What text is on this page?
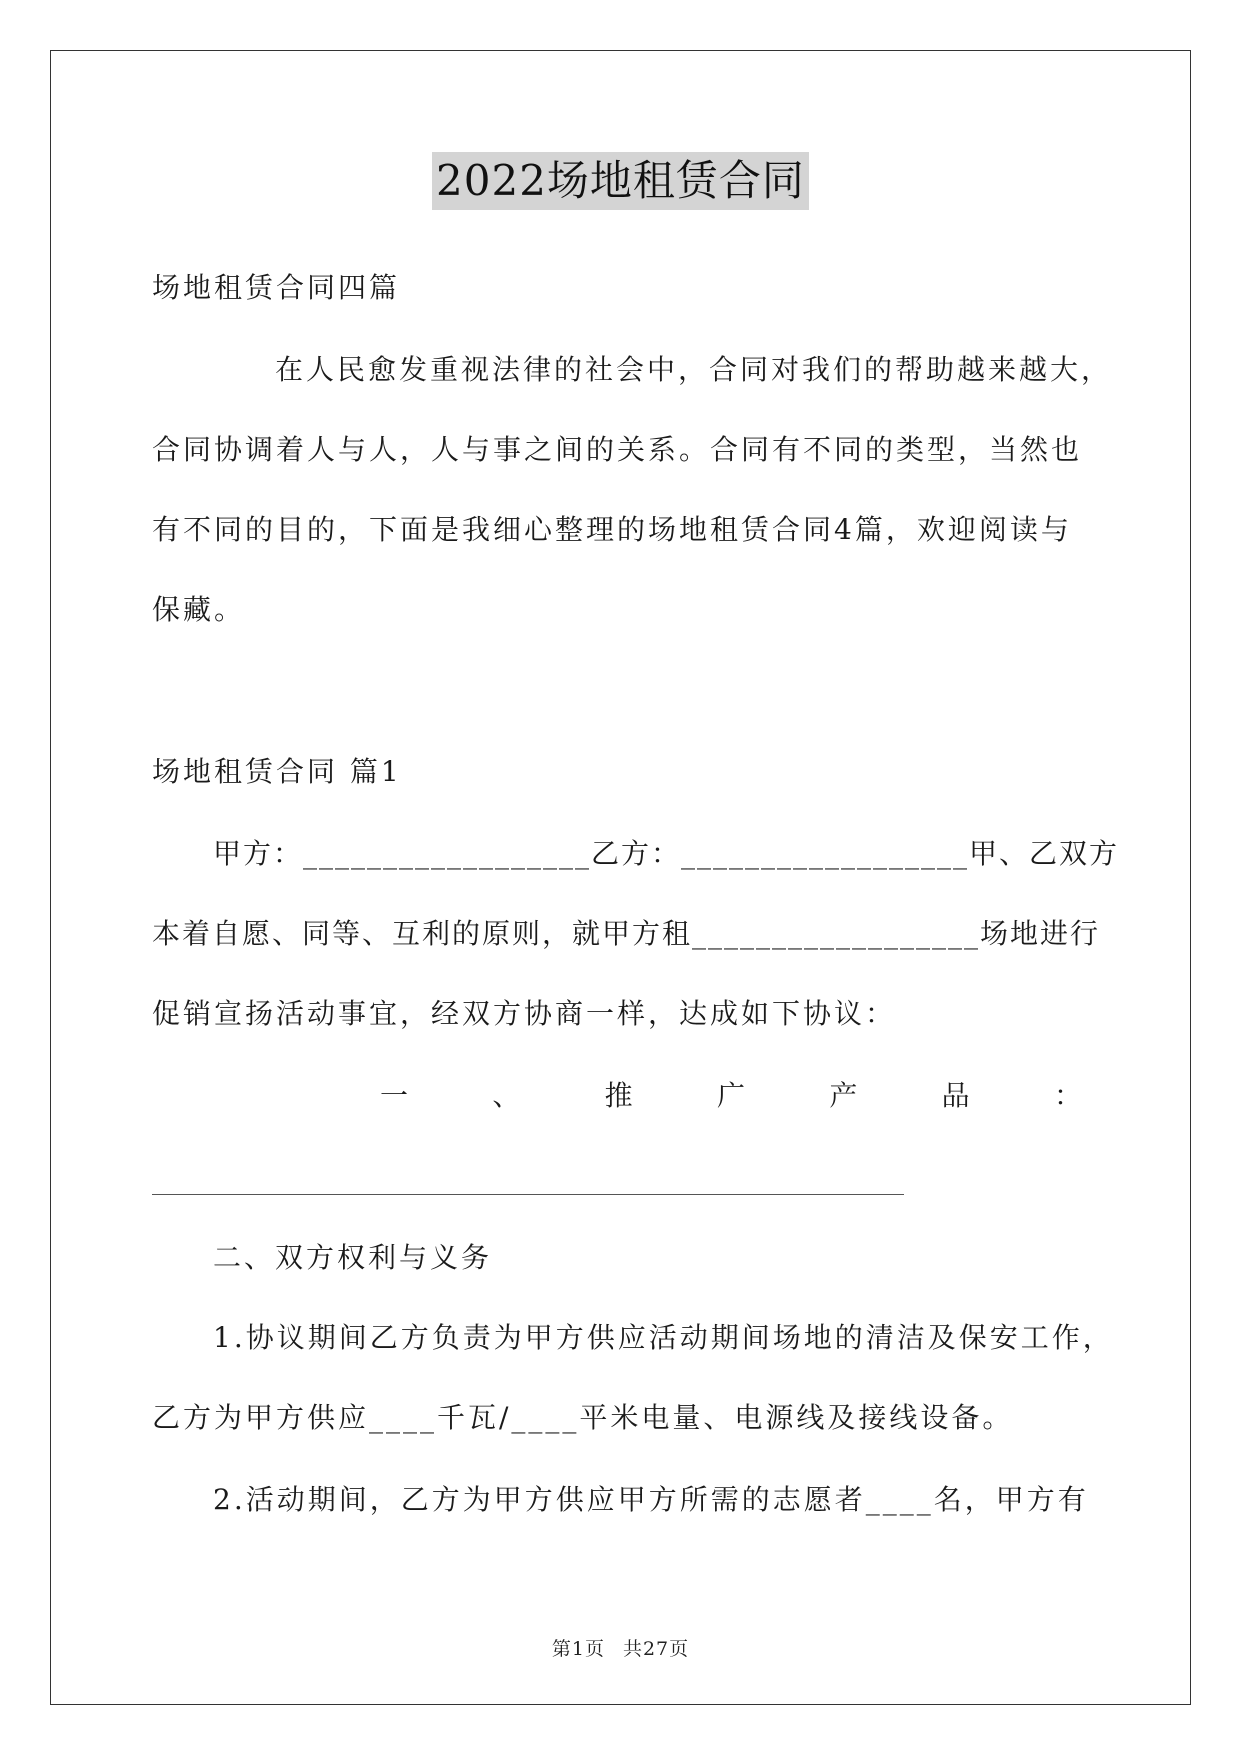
2022场地租赁合同
场地租赁合同四篇
在人民愈发重视法律的社会中，合同对我们的帮助越来越大，
合同协调着人与人，人与事之间的关系。合同有不同的类型，当然也
有不同的目的，下面是我细心整理的场地租赁合同4篇，欢迎阅读与
保藏。
场地租赁合同 篇1
甲方：__________________乙方：__________________甲、乙双方
本着自愿、同等、互利的原则，就甲方租__________________场地进行
促销宣扬活动事宜，经双方协商一样，达成如下协议：
一	、	推	广	产	品	：
二、双方权利与义务
1.协议期间乙方负责为甲方供应活动期间场地的清洁及保安工作，
乙方为甲方供应____千瓦/____平米电量、电源线及接线设备。
2.活动期间，乙方为甲方供应甲方所需的志愿者____名，甲方有
第1页 共27页
